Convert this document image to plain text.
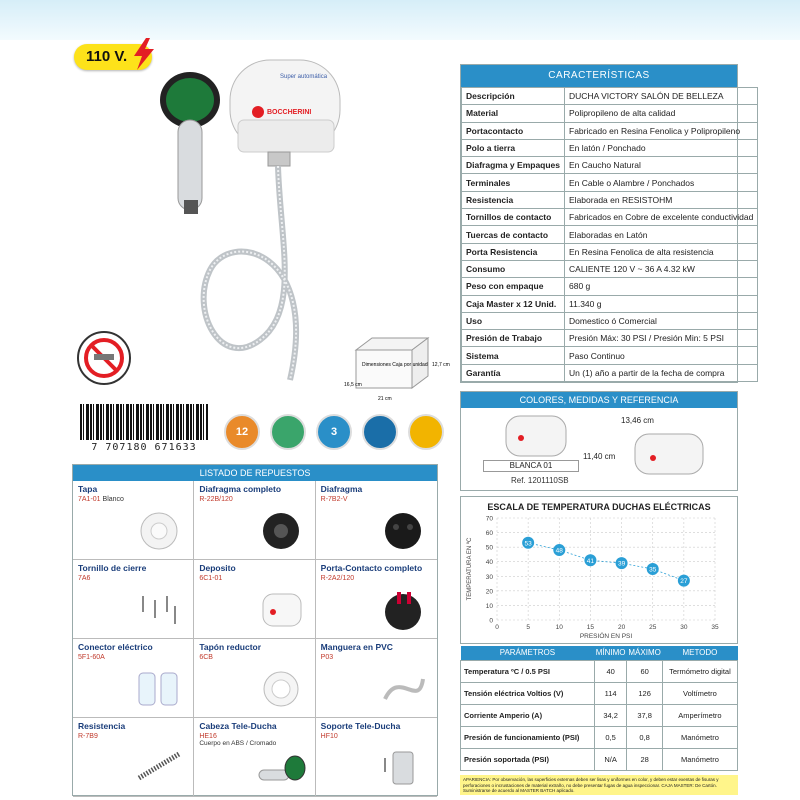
110 V.
Super automática
BOCCHERINI
Dimensiones Caja por unidad 12,7 cm
16,5 cm
21 cm
7 707180 671633
12	3
CARACTERÍSTICAS
Descripción	DUCHA VICTORY SALÓN DE BELLEZA
Material	Polipropileno de alta calidad
Portacontacto	Fabricado en Resina Fenolica y Polipropileno
Polo a tierra	En latón / Ponchado
Diafragma y Empaques	En Caucho Natural
Terminales	En Cable o Alambre / Ponchados
Resistencia	Elaborada en RESISTOHM
Tornillos de contacto	Fabricados en Cobre de excelente conductividad
Tuercas de contacto	Elaboradas en Latón
Porta Resistencia	En Resina Fenolica de alta resistencia
Consumo	CALIENTE 120 V ~ 36 A 4.32 kW
Peso con empaque	680 g
Caja Master x 12 Unid.	11.340 g
Uso	Domestico ó Comercial
Presión de Trabajo	Presión Máx: 30 PSI / Presión Min: 5 PSI
Sistema	Paso Continuo
Garantía	Un (1) año a partir de la fecha de compra
COLORES, MEDIDAS Y REFERENCIA
BLANCA 01
Ref. 1201110SB
13,46 cm
11,40 cm
ESCALA DE TEMPERATURA DUCHAS ELÉCTRICAS
0
10
20
30
40
50
60
70
0	5	10	15	20	25	30	35
PRESIÓN EN PSI
TEMPERATURA EN ºC	53
48
41	39
35
27
PARÁMETROS	MÍNIMO	MÁXIMO	METODO
Temperatura ºC / 0.5 PSI	40	60	Termómetro digital
Tensión eléctrica Voltios (V)	114	126	Voltímetro
Corriente Amperio (A)	34,2	37,8	Amperímetro
Presión de funcionamiento (PSI)	0,5	0,8	Manómetro
Presión soportada (PSI)	N/A	28	Manómetro
APARIENCIA: Por observación, las superficies externas deben ser lisas y uniformes en color, y deben estar exentas de fisuras y perforaciones o incrustaciones de material extraño, no debe presentar fugas de agua inspeccionar. CAJA MASTER: De Cartón. Suministrarse de acuerdo al MASTER BATCH aplicado.
LISTADO DE REPUESTOS
Tapa
7A1-01 Blanco
Diafragma completo
R-22B/120
Diafragma
R-7B2-V
Tornillo de cierre
7A6
Deposito
6C1-01
Porta-Contacto completo
R-2A2/120
Conector eléctrico
5F1-60A
Tapón reductor
6CB
Manguera en PVC
P03
Resistencia
R-7B9
Cabeza Tele-Ducha
HE16
Cuerpo en ABS / Cromado
Soporte Tele-Ducha
HF10
